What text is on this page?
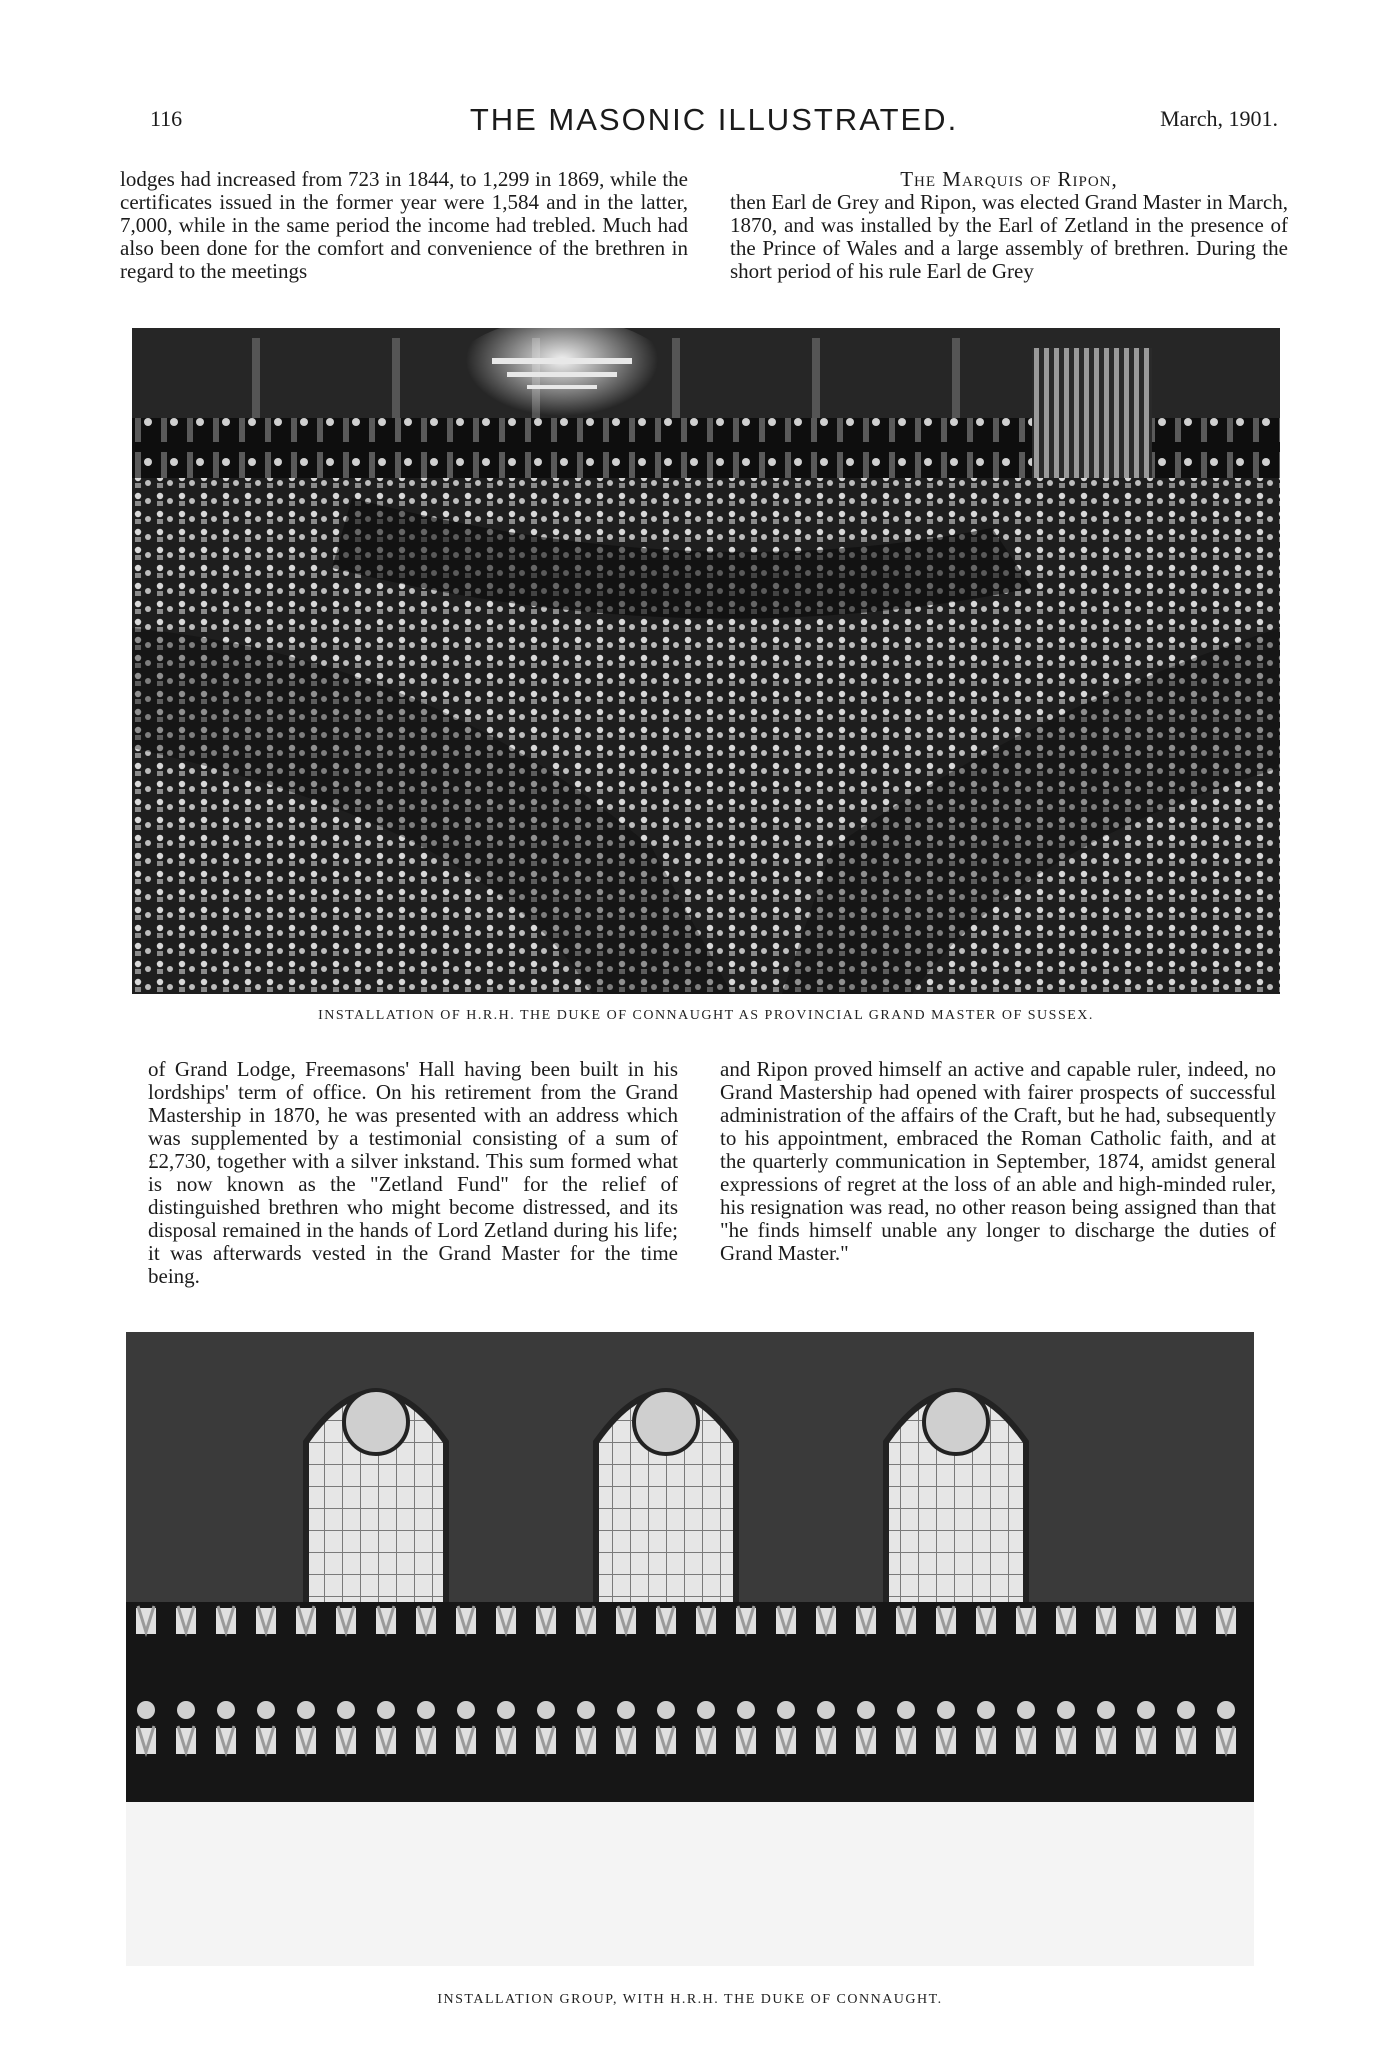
116	THE MASONIC ILLUSTRATED.	March, 1901.

lodges had increased from 723 in 1844, to 1,299 in 1869, while the certificates issued in the former year were 1,584 and in the latter, 7,000, while in the same period the income had trebled. Much had also been done for the comfort and convenience of the brethren in regard to the meetings

The Marquis of Ripon,
then Earl de Grey and Ripon, was elected Grand Master in March, 1870, and was installed by the Earl of Zetland in the presence of the Prince of Wales and a large assembly of brethren. During the short period of his rule Earl de Grey
INSTALLATION OF H.R.H. THE DUKE OF CONNAUGHT AS PROVINCIAL GRAND MASTER OF SUSSEX.

of Grand Lodge, Freemasons' Hall having been built in his lordships' term of office. On his retirement from the Grand Mastership in 1870, he was presented with an address which was supplemented by a testimonial consisting of a sum of £2,730, together with a silver inkstand. This sum formed what is now known as the "Zetland Fund" for the relief of distinguished brethren who might become distressed, and its disposal remained in the hands of Lord Zetland during his life; it was afterwards vested in the Grand Master for the time being.

and Ripon proved himself an active and capable ruler, indeed, no Grand Mastership had opened with fairer prospects of successful administration of the affairs of the Craft, but he had, subsequently to his appointment, embraced the Roman Catholic faith, and at the quarterly communication in September, 1874, amidst general expressions of regret at the loss of an able and high-minded ruler, his resignation was read, no other reason being assigned than that "he finds himself unable any longer to discharge the duties of Grand Master."

INSTALLATION GROUP, WITH H.R.H. THE DUKE OF CONNAUGHT.
